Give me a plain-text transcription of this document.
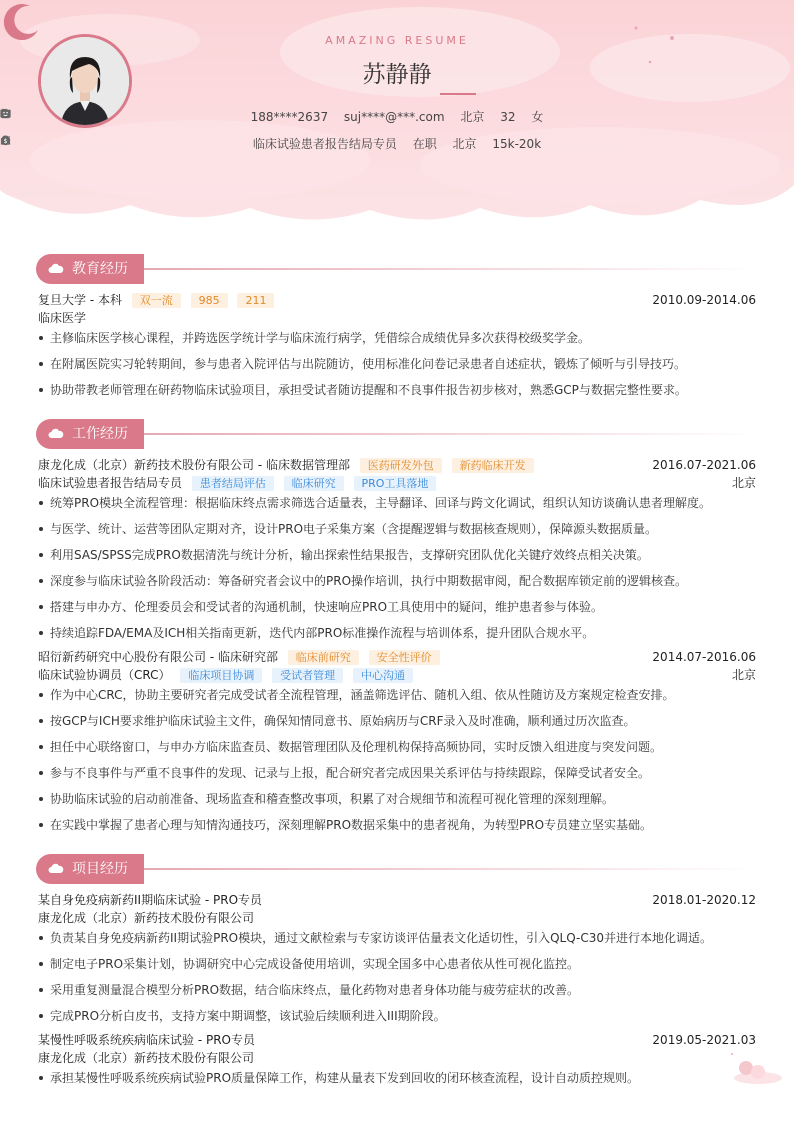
AMAZING RESUME
苏静静
188****2637 suj****@***.com 北京 32 女
临床试验患者报告结局专员 在职 北京
$	15k-20k
教育经历
复旦大学 - 本科 双一流 985 211	2010.09-2014.06
临床医学
主修临床医学核心课程，并跨选医学统计学与临床流行病学，凭借综合成绩优异多次获得校级奖学金。
在附属医院实习轮转期间，参与患者入院评估与出院随访，使用标准化问卷记录患者自述症状，锻炼了倾听与引导技巧。
协助带教老师管理在研药物临床试验项目，承担受试者随访提醒和不良事件报告初步核对，熟悉GCP与数据完整性要求。
工作经历
康龙化成（北京）新药技术股份有限公司 - 临床数据管理部 医药研发外包 新药临床开发	2016.07-2021.06
临床试验患者报告结局专员 患者结局评估 临床研究 PRO工具落地	北京
统筹PRO模块全流程管理：根据临床终点需求筛选合适量表，主导翻译、回译与跨文化调试，组织认知访谈确认患者理解度。
与医学、统计、运营等团队定期对齐，设计PRO电子采集方案（含提醒逻辑与数据核查规则），保障源头数据质量。
利用SAS/SPSS完成PRO数据清洗与统计分析，输出探索性结果报告，支撑研究团队优化关键疗效终点相关决策。
深度参与临床试验各阶段活动：筹备研究者会议中的PRO操作培训，执行中期数据审阅，配合数据库锁定前的逻辑核查。
搭建与申办方、伦理委员会和受试者的沟通机制，快速响应PRO工具使用中的疑问，维护患者参与体验。
持续追踪FDA/EMA及ICH相关指南更新，迭代内部PRO标准操作流程与培训体系，提升团队合规水平。
昭衍新药研究中心股份有限公司 - 临床研究部 临床前研究 安全性评价	2014.07-2016.06
临床试验协调员（CRC） 临床项目协调 受试者管理 中心沟通	北京
作为中心CRC，协助主要研究者完成受试者全流程管理，涵盖筛选评估、随机入组、依从性随访及方案规定检查安排。
按GCP与ICH要求维护临床试验主文件，确保知情同意书、原始病历与CRF录入及时准确，顺利通过历次监查。
担任中心联络窗口，与申办方临床监查员、数据管理团队及伦理机构保持高频协同，实时反馈入组进度与突发问题。
参与不良事件与严重不良事件的发现、记录与上报，配合研究者完成因果关系评估与持续跟踪，保障受试者安全。
协助临床试验的启动前准备、现场监查和稽查整改事项，积累了对合规细节和流程可视化管理的深刻理解。
在实践中掌握了患者心理与知情沟通技巧，深刻理解PRO数据采集中的患者视角，为转型PRO专员建立坚实基础。
项目经历
某自身免疫病新药II期临床试验 - PRO专员	2018.01-2020.12
康龙化成（北京）新药技术股份有限公司
负责某自身免疫病新药II期试验PRO模块，通过文献检索与专家访谈评估量表文化适切性，引入QLQ-C30并进行本地化调适。
制定电子PRO采集计划，协调研究中心完成设备使用培训，实现全国多中心患者依从性可视化监控。
采用重复测量混合模型分析PRO数据，结合临床终点，量化药物对患者身体功能与疲劳症状的改善。
完成PRO分析白皮书，支持方案中期调整，该试验后续顺利进入III期阶段。
某慢性呼吸系统疾病临床试验 - PRO专员	2019.05-2021.03
康龙化成（北京）新药技术股份有限公司
承担某慢性呼吸系统疾病试验PRO质量保障工作，构建从量表下发到回收的闭环核查流程，设计自动质控规则。
